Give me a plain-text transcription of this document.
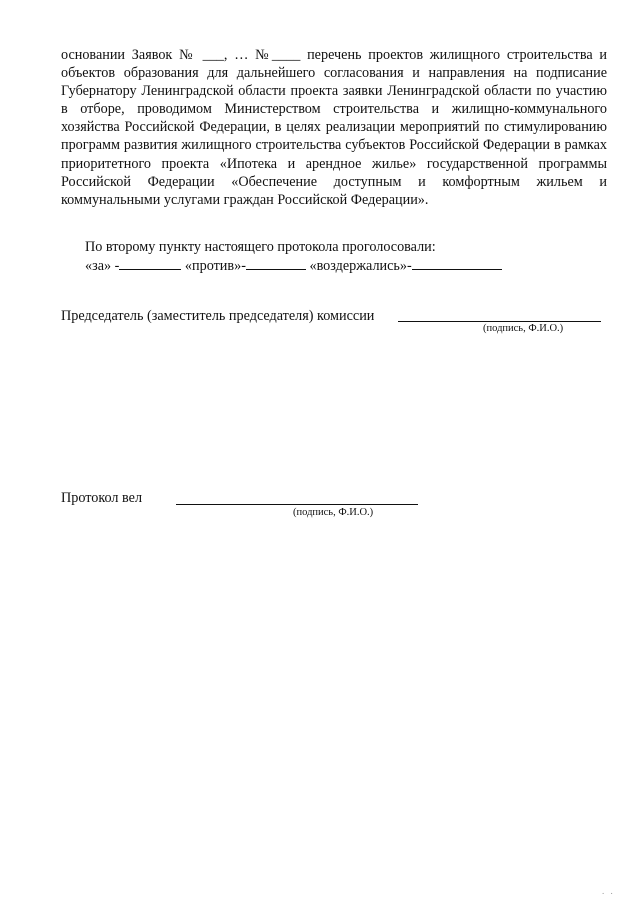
основании Заявок № ___, … №____ перечень проектов жилищного строительства и объектов образования для дальнейшего согласования и направления на подписание Губернатору Ленинградской области проекта заявки Ленинградской области по участию в отборе, проводимом Министерством строительства и жилищно-коммунального хозяйства Российской Федерации, в целях реализации мероприятий по стимулированию программ развития жилищного строительства субъектов Российской Федерации в рамках приоритетного проекта «Ипотека и арендное жилье» государственной программы Российской Федерации «Обеспечение доступным и комфортным жильем и коммунальными услугами граждан Российской Федерации».
По второму пункту настоящего протокола проголосовали:
«за» -	«против»-	«воздержались»-
Председатель (заместитель председателя) комиссии
(подпись, Ф.И.О.)
Протокол вел
(подпись, Ф.И.О.)
. .
